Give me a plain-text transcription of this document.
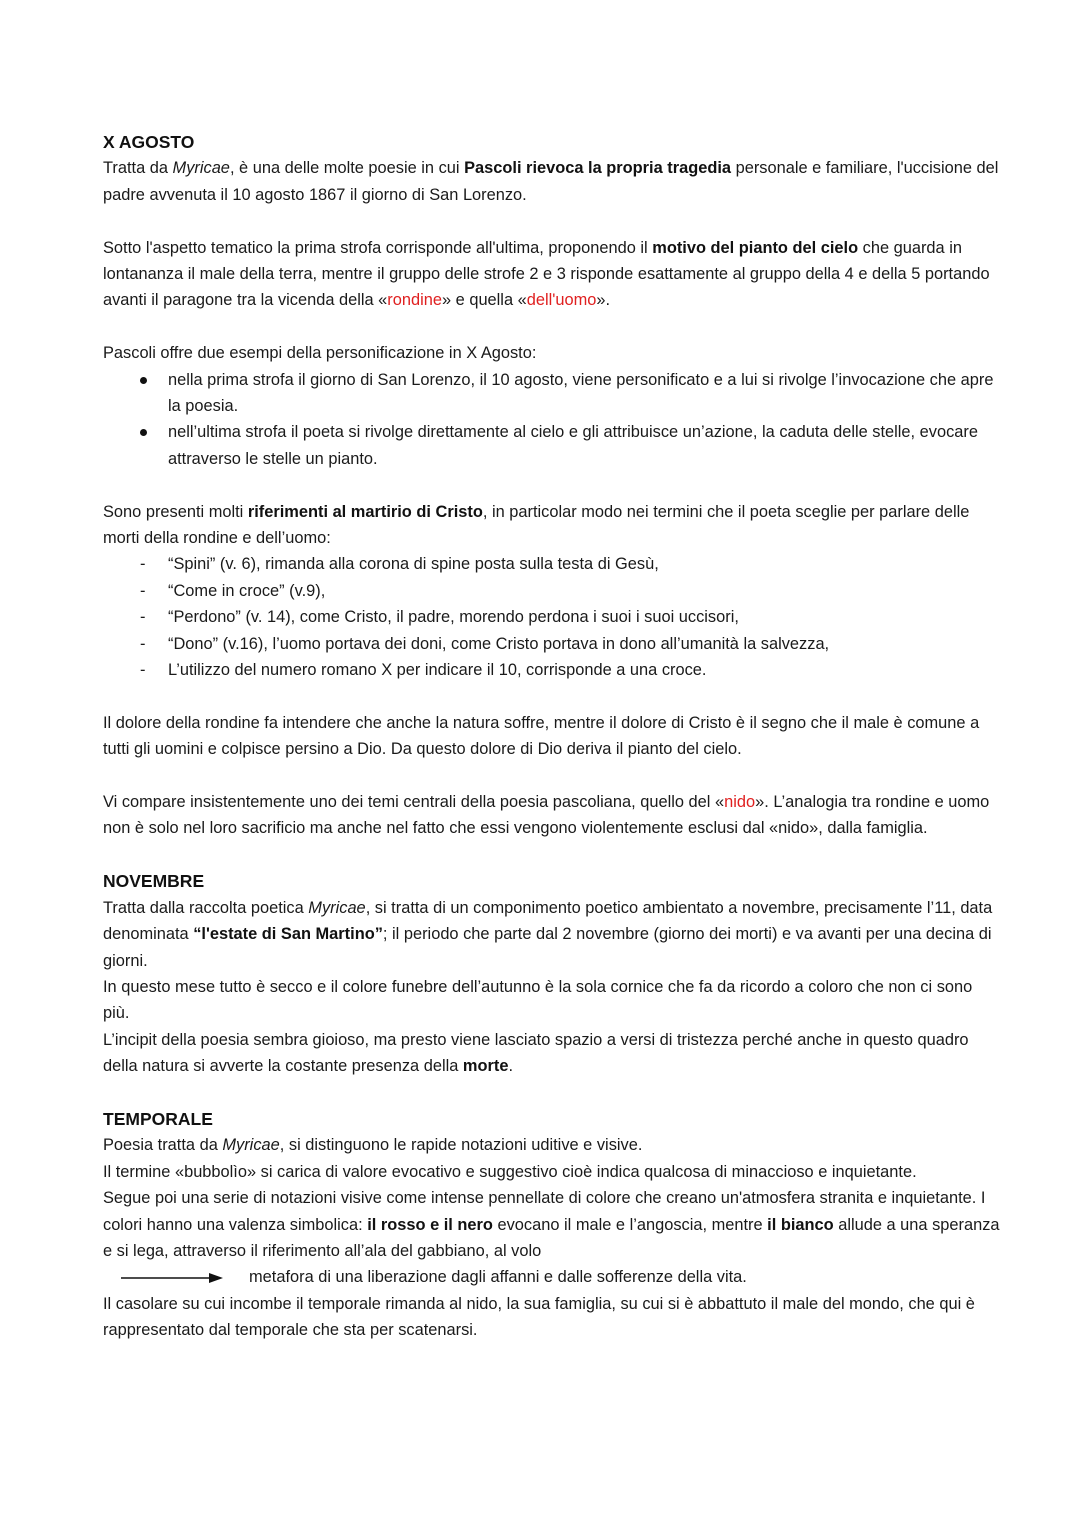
X AGOSTO

Tratta da Myricae, è una delle molte poesie in cui Pascoli rievoca la propria tragedia personale e familiare, l'uccisione del padre avvenuta il 10 agosto 1867 il giorno di San Lorenzo.

Sotto l'aspetto tematico la prima strofa corrisponde all'ultima, proponendo il motivo del pianto del cielo che guarda in lontananza il male della terra, mentre il gruppo delle strofe 2 e 3 risponde esattamente al gruppo della 4 e della 5 portando avanti il paragone tra la vicenda della «rondine» e quella «dell'uomo».

Pascoli offre due esempi della personificazione in X Agosto:

nella prima strofa il giorno di San Lorenzo, il 10 agosto, viene personificato e a lui si rivolge l’invocazione che apre la poesia.
nell’ultima strofa il poeta si rivolge direttamente al cielo e gli attribuisce un’azione, la caduta delle stelle, evocare attraverso le stelle un pianto.

Sono presenti molti riferimenti al martirio di Cristo, in particolar modo nei termini che il poeta sceglie per parlare delle morti della rondine e dell’uomo:

- “Spini” (v. 6), rimanda alla corona di spine posta sulla testa di Gesù,
- “Come in croce” (v.9),
- “Perdono” (v. 14), come Cristo, il padre, morendo perdona i suoi i suoi uccisori,
- “Dono” (v.16), l’uomo portava dei doni, come Cristo portava in dono all’umanità la salvezza,
- L’utilizzo del numero romano X per indicare il 10, corrisponde a una croce.

Il dolore della rondine fa intendere che anche la natura soffre, mentre il dolore di Cristo è il segno che il male è comune a tutti gli uomini e colpisce persino a Dio. Da questo dolore di Dio deriva il pianto del cielo.

Vi compare insistentemente uno dei temi centrali della poesia pascoliana, quello del «nido». L’analogia tra rondine e uomo non è solo nel loro sacrificio ma anche nel fatto che essi vengono violentemente esclusi dal «nido», dalla famiglia.

NOVEMBRE

Tratta dalla raccolta poetica Myricae, si tratta di un componimento poetico ambientato a novembre, precisamente l’11, data denominata “l'estate di San Martino”; il periodo che parte dal 2 novembre (giorno dei morti) e va avanti per una decina di giorni.

In questo mese tutto è secco e il colore funebre dell’autunno è la sola cornice che fa da ricordo a coloro che non ci sono più.

L’incipit della poesia sembra gioioso, ma presto viene lasciato spazio a versi di tristezza perché anche in questo quadro della natura si avverte la costante presenza della morte.

TEMPORALE

Poesia tratta da Myricae, si distinguono le rapide notazioni uditive e visive.

Il termine «bubbolìo» si carica di valore evocativo e suggestivo cioè indica qualcosa di minaccioso e inquietante.

Segue poi una serie di notazioni visive come intense pennellate di colore che creano un'atmosfera stranita e inquietante. I colori hanno una valenza simbolica: il rosso e il nero evocano il male e l’angoscia, mentre il bianco allude a una speranza e si lega, attraverso il riferimento all’ala del gabbiano, al volo

metafora di una liberazione dagli affanni e dalle sofferenze della vita.

Il casolare su cui incombe il temporale rimanda al nido, la sua famiglia, su cui si è abbattuto il male del mondo, che qui è rappresentato dal temporale che sta per scatenarsi.
